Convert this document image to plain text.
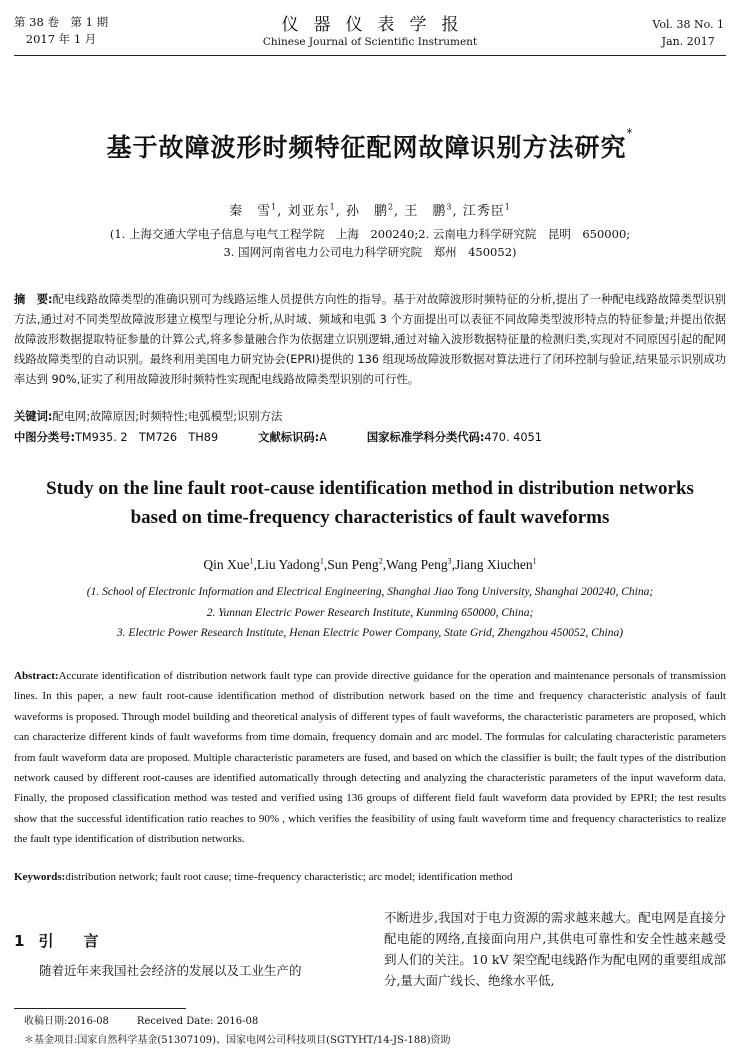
第 38 卷　第 1 期
2017 年 1 月
仪器仪表学报
Chinese Journal of Scientific Instrument
Vol. 38 No. 1
Jan. 2017
基于故障波形时频特征配网故障识别方法研究*
秦　雪$^1$, 刘亚东$^1$, 孙　鹏$^2$, 王　鹏$^3$, 江秀臣$^1$
(1. 上海交通大学电子信息与电气工程学院　上海　200240;2. 云南电力科学研究院　昆明　650000;
3. 国网河南省电力公司电力科学研究院　郑州　450052)
摘　要:配电线路故障类型的准确识别可为线路运维人员提供方向性的指导。基于对故障波形时频特征的分析,提出了一种配电线路故障类型识别方法,通过对不同类型故障波形建立模型与理论分析,从时域、频域和电弧 3 个方面提出可以表征不同故障类型波形特点的特征参量;并提出依据故障波形数据提取特征参量的计算公式,将多参量融合作为依据建立识别逻辑,通过对输入波形数据特征量的检测归类,实现对不同原因引起的配网线路故障类型的自动识别。最终利用美国电力研究协会(EPRI)提供的 136 组现场故障波形数据对算法进行了闭环控制与验证,结果显示识别成功率达到 90%,证实了利用故障波形时频特性实现配电线路故障类型识别的可行性。
关键词:配电网;故障原因;时频特性;电弧模型;识别方法
中图分类号:TM935. 2　TM726　TH89	文献标识码:A	国家标准学科分类代码:470. 4051
Study on the line fault root-cause identification method in distribution networks
based on time-frequency characteristics of fault waveforms
Qin Xue$^1$,Liu Yadong$^1$,Sun Peng$^2$,Wang Peng$^3$,Jiang Xiuchen$^1$
(1. School of Electronic Information and Electrical Engineering, Shanghai Jiao Tong University, Shanghai 200240, China;
2. Yunnan Electric Power Research Institute, Kunming 650000, China;
3. Electric Power Research Institute, Henan Electric Power Company, State Grid, Zhengzhou 450052, China)
Abstract:Accurate identification of distribution network fault type can provide directive guidance for the operation and maintenance personals of transmission lines. In this paper, a new fault root-cause identification method of distribution network based on the time and frequency characteristic analysis of fault waveforms is proposed. Through model building and theoretical analysis of different types of fault waveforms, the characteristic parameters are proposed, which can characterize different kinds of fault waveforms from time domain, frequency domain and arc model. The formulas for calculating characteristic parameters from fault waveform data are proposed. Multiple characteristic parameters are fused, and based on which the classifier is built; the fault types of the distribution network caused by different root-causes are identified automatically through detecting and analyzing the characteristic parameters of the input waveform data. Finally, the proposed classification method was tested and verified using 136 groups of different field fault waveform data provided by EPRI; the test results show that the successful identification ratio reaches to 90% , which verifies the feasibility of using fault waveform time and frequency characteristics to realize the fault type identification of distribution networks.
Keywords:distribution network; fault root cause; time-frequency characteristic; arc model; identification method
1 引言
随着近年来我国社会经济的发展以及工业生产的
不断进步,我国对于电力资源的需求越来越大。配电网是直接分配电能的网络,直接面向用户,其供电可靠性和安全性越来越受到人们的关注。10 kV 架空配电线路作为配电网的重要组成部分,量大面广线长、绝缘水平低,
收稿日期:2016-08	Received Date: 2016-08
＊基金项目:国家自然科学基金(51307109)、国家电网公司科技项目(SGTYHT/14-JS-188)资助
